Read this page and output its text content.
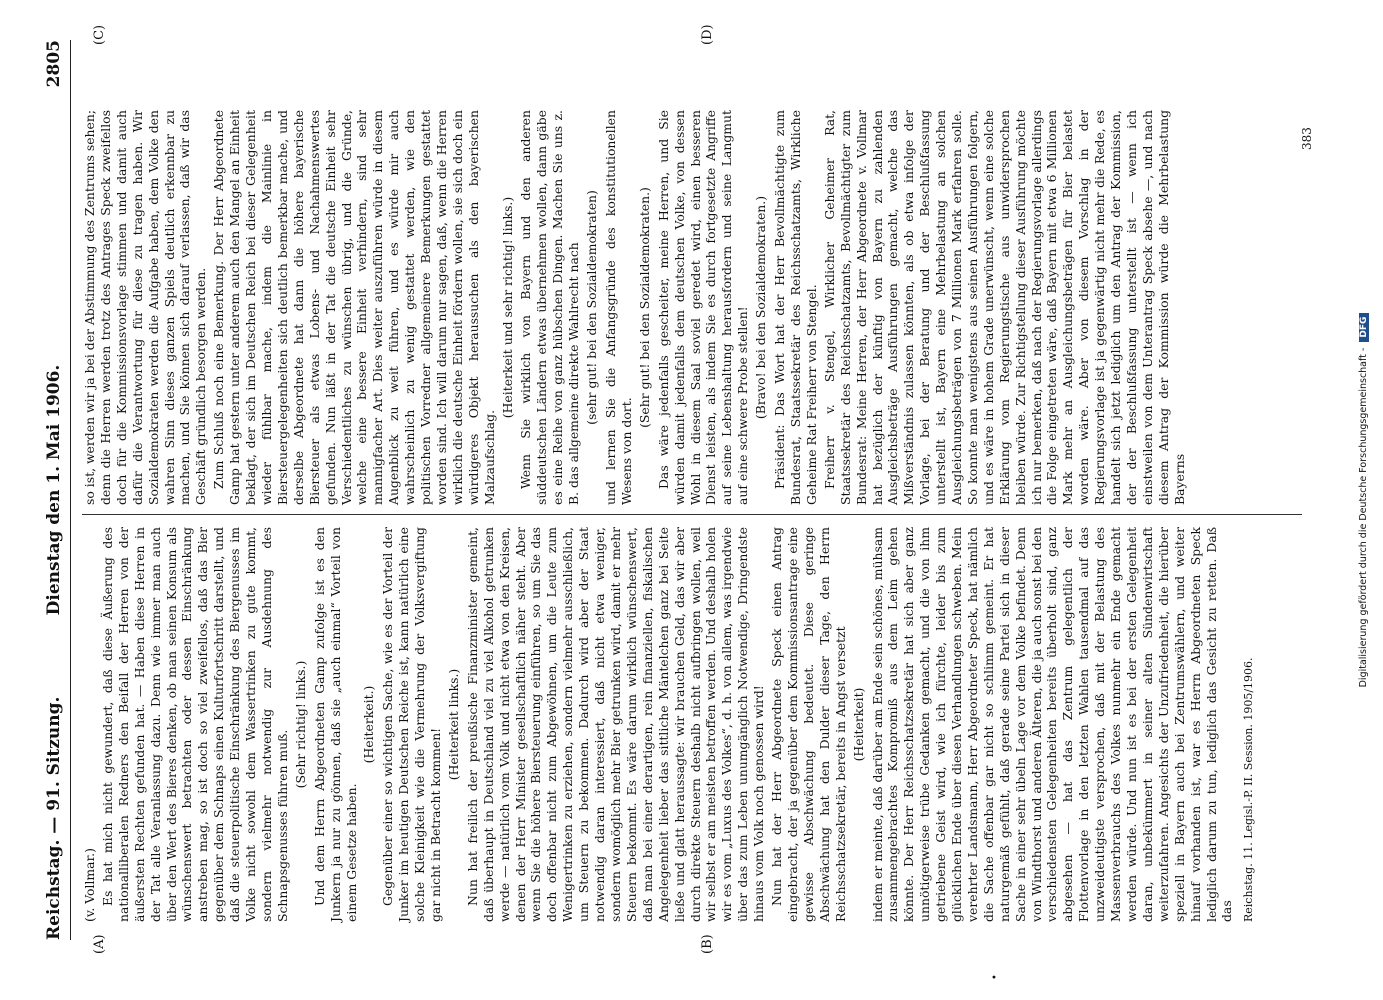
Reichstag. — 91. Sitzung.
Dienstag den 1. Mai 1906.
2805
(A)	(B)
(C)	(D)

(v. Vollmar.) Es hat mich nicht gewundert, daß diese Äußerung des nationalliberalen Redners den Beifall der Herren von der äußersten Rechten gefunden hat. — Haben diese Herren in der Tat alle Veranlassung dazu. Denn wie immer man auch über den Wert des Bieres denken, ob man seinen Konsum als wünschenswert betrachten oder dessen Einschränkung anstreben mag, so ist doch so viel zweifellos, daß das Bier gegenüber dem Schnaps einen Kulturfortschritt darstellt, und daß die steuerpolitische Einschränkung des Biergenusses im Volke nicht sowohl dem Wassertrinken zu gute kommt, sondern vielmehr notwendig zur Ausdehnung des Schnapsgenusses führen muß.

(Sehr richtig! links.) Und dem Herrn Abgeordneten Gamp zufolge ist es den Junkern ja nur zu gönnen, daß sie „auch einmal“ Vorteil von einem Gesetze haben.

(Heiterkeit.) Gegenüber einer so wichtigen Sache, wie es der Vorteil der Junker im heutigen Deutschen Reiche ist, kann natürlich eine solche Kleinigkeit wie die Vermehrung der Volksvergiftung gar nicht in Betracht kommen!

(Heiterkeit links.) Nun hat freilich der preußische Finanzminister gemeint, daß überhaupt in Deutschland viel zu viel Alkohol getrunken werde — natürlich vom Volk und nicht etwa von den Kreisen, denen der Herr Minister gesellschaftlich näher steht. Aber wenn Sie die höhere Biersteuerung einführen, so um Sie das doch offenbar nicht zum Abgewöhnen, um die Leute zum Wenigertrinken zu erziehen, sondern vielmehr ausschließlich, um Steuern zu bekommen. Dadurch wird aber der Staat notwendig daran interessiert, daß nicht etwa weniger, sondern womöglich mehr Bier getrunken wird, damit er mehr Steuern bekommt. Es wäre darum wirklich wünschenswert, daß man bei einer derartigen, rein finanziellen, fiskalischen Angelegenheit lieber das sittliche Mäntelchen ganz bei Seite ließe und glatt heraussagte: wir brauchen Geld, das wir aber durch direkte Steuern deshalb nicht aufbringen wollen, weil wir selbst er am meisten betroffen werden. Und deshalb holen wir es vom „Luxus des Volkes“, d. h. von allem, was irgendwie über das zum Leben unumgänglich Notwendige, Dringendste hinaus vom Volk noch genossen wird! Nun hat der Herr Abgeordnete Speck einen Antrag eingebracht, der ja gegenüber dem Kommissionsantrage eine gewisse Abschwächung bedeutet. Diese geringe Abschwächung hat den Dulder dieser Tage, den Herrn Reichsschatzsekretär, bereits in Angst versetzt (Heiterkeit) indem er meinte, daß darüber am Ende sein schönes, mühsam zusammengebrachtes Kompromiß aus dem Leim gehen könnte. Der Herr Reichsschatzsekretär hat sich aber ganz unnötigerweise trübe Gedanken gemacht, und die von ihm getriebene Geist wird, wie ich fürchte, leider bis zum glücklichen Ende über diesen Verhandlungen schweben. Mein verehrter Landsmann, Herr Abgeordneter Speck, hat nämlich die Sache offenbar gar nicht so schlimm gemeint. Er hat naturgemäß gefühlt, daß gerade seine Partei sich in dieser Sache in einer sehr übeln Lage vor dem Volke befindet. Denn von Windthorst und anderen Älteren, die ja auch sonst bei den verschiedensten Gelegenheiten bereits überholt sind, ganz abgesehen — hat das Zentrum gelegentlich der Flottenvorlage in den letzten Wahlen tausendmal auf das unzweideutigste versprochen, daß mit der Belastung des Massenverbrauchs des Volkes nunmehr ein Ende gemacht werden würde. Und nun ist es bei der ersten Gelegenheit daran, unbekümmert in seiner alten Sündenwirtschaft weiterzufahren. Angesichts der Unzufriedenheit, die hierüber speziell in Bayern auch bei Zentrumswählern, und weiter hinauf vorhanden ist, war es Herrn Abgeordneten Speck lediglich darum zu tun, lediglich das Gesicht zu retten. Daß das Reichstag. 11. Legisl.-P. II. Session. 1905/1906.

so ist, werden wir ja bei der Abstimmung des Zentrums sehen; denn die Herren werden trotz des Antrages Speck zweifellos doch für die Kommissionsvorlage stimmen und damit auch dafür die Verantwortung für diese zu tragen haben. Wir Sozialdemokraten werden die Aufgabe haben, dem Volke den wahren Sinn dieses ganzen Spiels deutlich erkennbar zu machen, und Sie können sich darauf verlassen, daß wir das Geschäft gründlich besorgen werden. Zum Schluß noch eine Bemerkung. Der Herr Abgeordnete Gamp hat gestern unter anderem auch den Mangel an Einheit beklagt, der sich im Deutschen Reich bei dieser Gelegenheit wieder fühlbar mache, indem die Mainlinie in Biersteuergelegenheiten sich deutlich bemerkbar mache, und derselbe Abgeordnete hat dann die höhere bayerische Biersteuer als etwas Lobens- und Nachahmenswertes gefunden. Nun läßt in der Tat die deutsche Einheit sehr Verschiedentliches zu wünschen übrig, und die Gründe, welche eine bessere Einheit verhindern, sind sehr mannigfacher Art. Dies weiter auszuführen würde in diesem Augenblick zu weit führen, und es würde mir auch wahrscheinlich zu wenig gestattet werden, wie den politischen Vorredner allgemeinere Bemerkungen gestattet worden sind. Ich will darum nur sagen, daß, wenn die Herren wirklich die deutsche Einheit fördern wollen, sie sich doch ein würdigeres Objekt heraussuchen als den bayerischen Malzaufschlag.

(Heiterkeit und sehr richtig! links.) Wenn Sie wirklich von Bayern und den anderen süddeutschen Ländern etwas übernehmen wollen, dann gäbe es eine Reihe von ganz hübschen Dingen. Machen Sie uns z. B. das allgemeine direkte Wahlrecht nach (sehr gut! bei den Sozialdemokraten) und lernen Sie die Anfangsgründe des konstitutionellen Wesens von dort.

(Sehr gut! bei den Sozialdemokraten.) Das wäre jedenfalls gescheiter, meine Herren, und Sie würden damit jedenfalls dem deutschen Volke, von dessen Wohl in diesem Saal soviel geredet wird, einen besseren Dienst leisten, als indem Sie es durch fortgesetzte Angriffe auf seine Lebenshaltung herausfordern und seine Langmut auf eine schwere Probe stellen! (Bravo! bei den Sozialdemokraten.) Präsident: Das Wort hat der Herr Bevollmächtigte zum Bundesrat, Staatssekretär des Reichsschatzamts, Wirkliche Geheime Rat Freiherr von Stengel. Freiherr v. Stengel, Wirklicher Geheimer Rat, Staatssekretär des Reichsschatzamts, Bevollmächtigter zum Bundesrat: Meine Herren, der Herr Abgeordnete v. Vollmar hat bezüglich der künftig von Bayern zu zahlenden Ausgleichsbeträge Ausführungen gemacht, welche das Mißverständnis zulassen könnten, als ob etwa infolge der Vorlage, bei der Beratung und der Beschlußfassung unterstellt ist, Bayern eine Mehrbelastung an solchen Ausgleichungsbeträgen von 7 Millionen Mark erfahren solle. So konnte man wenigstens aus seinen Ausführungen folgern, und es wäre in hohem Grade unerwünscht, wenn eine solche Erklärung vom Regierungstische aus unwidersprochen bleiben würde. Zur Richtigstellung dieser Ausführung möchte ich nur bemerken, daß nach der Regierungsvorlage allerdings die Folge eingetreten wäre, daß Bayern mit etwa 6 Millionen Mark mehr an Ausgleichungsbeträgen für Bier belastet worden wäre. Aber von diesem Vorschlag in der Regierungsvorlage ist ja gegenwärtig nicht mehr die Rede, es handelt sich jetzt lediglich um den Antrag der Kommission, der der Beschlußfassung unterstellt ist — wenn ich einstweilen von dem Unterantrag Speck absehe —, und nach diesem Antrag der Kommission würde die Mehrbelastung Bayerns

383
Digitalisierung gefördert durch die Deutsche Forschungsgemeinschaft -DFG
•
